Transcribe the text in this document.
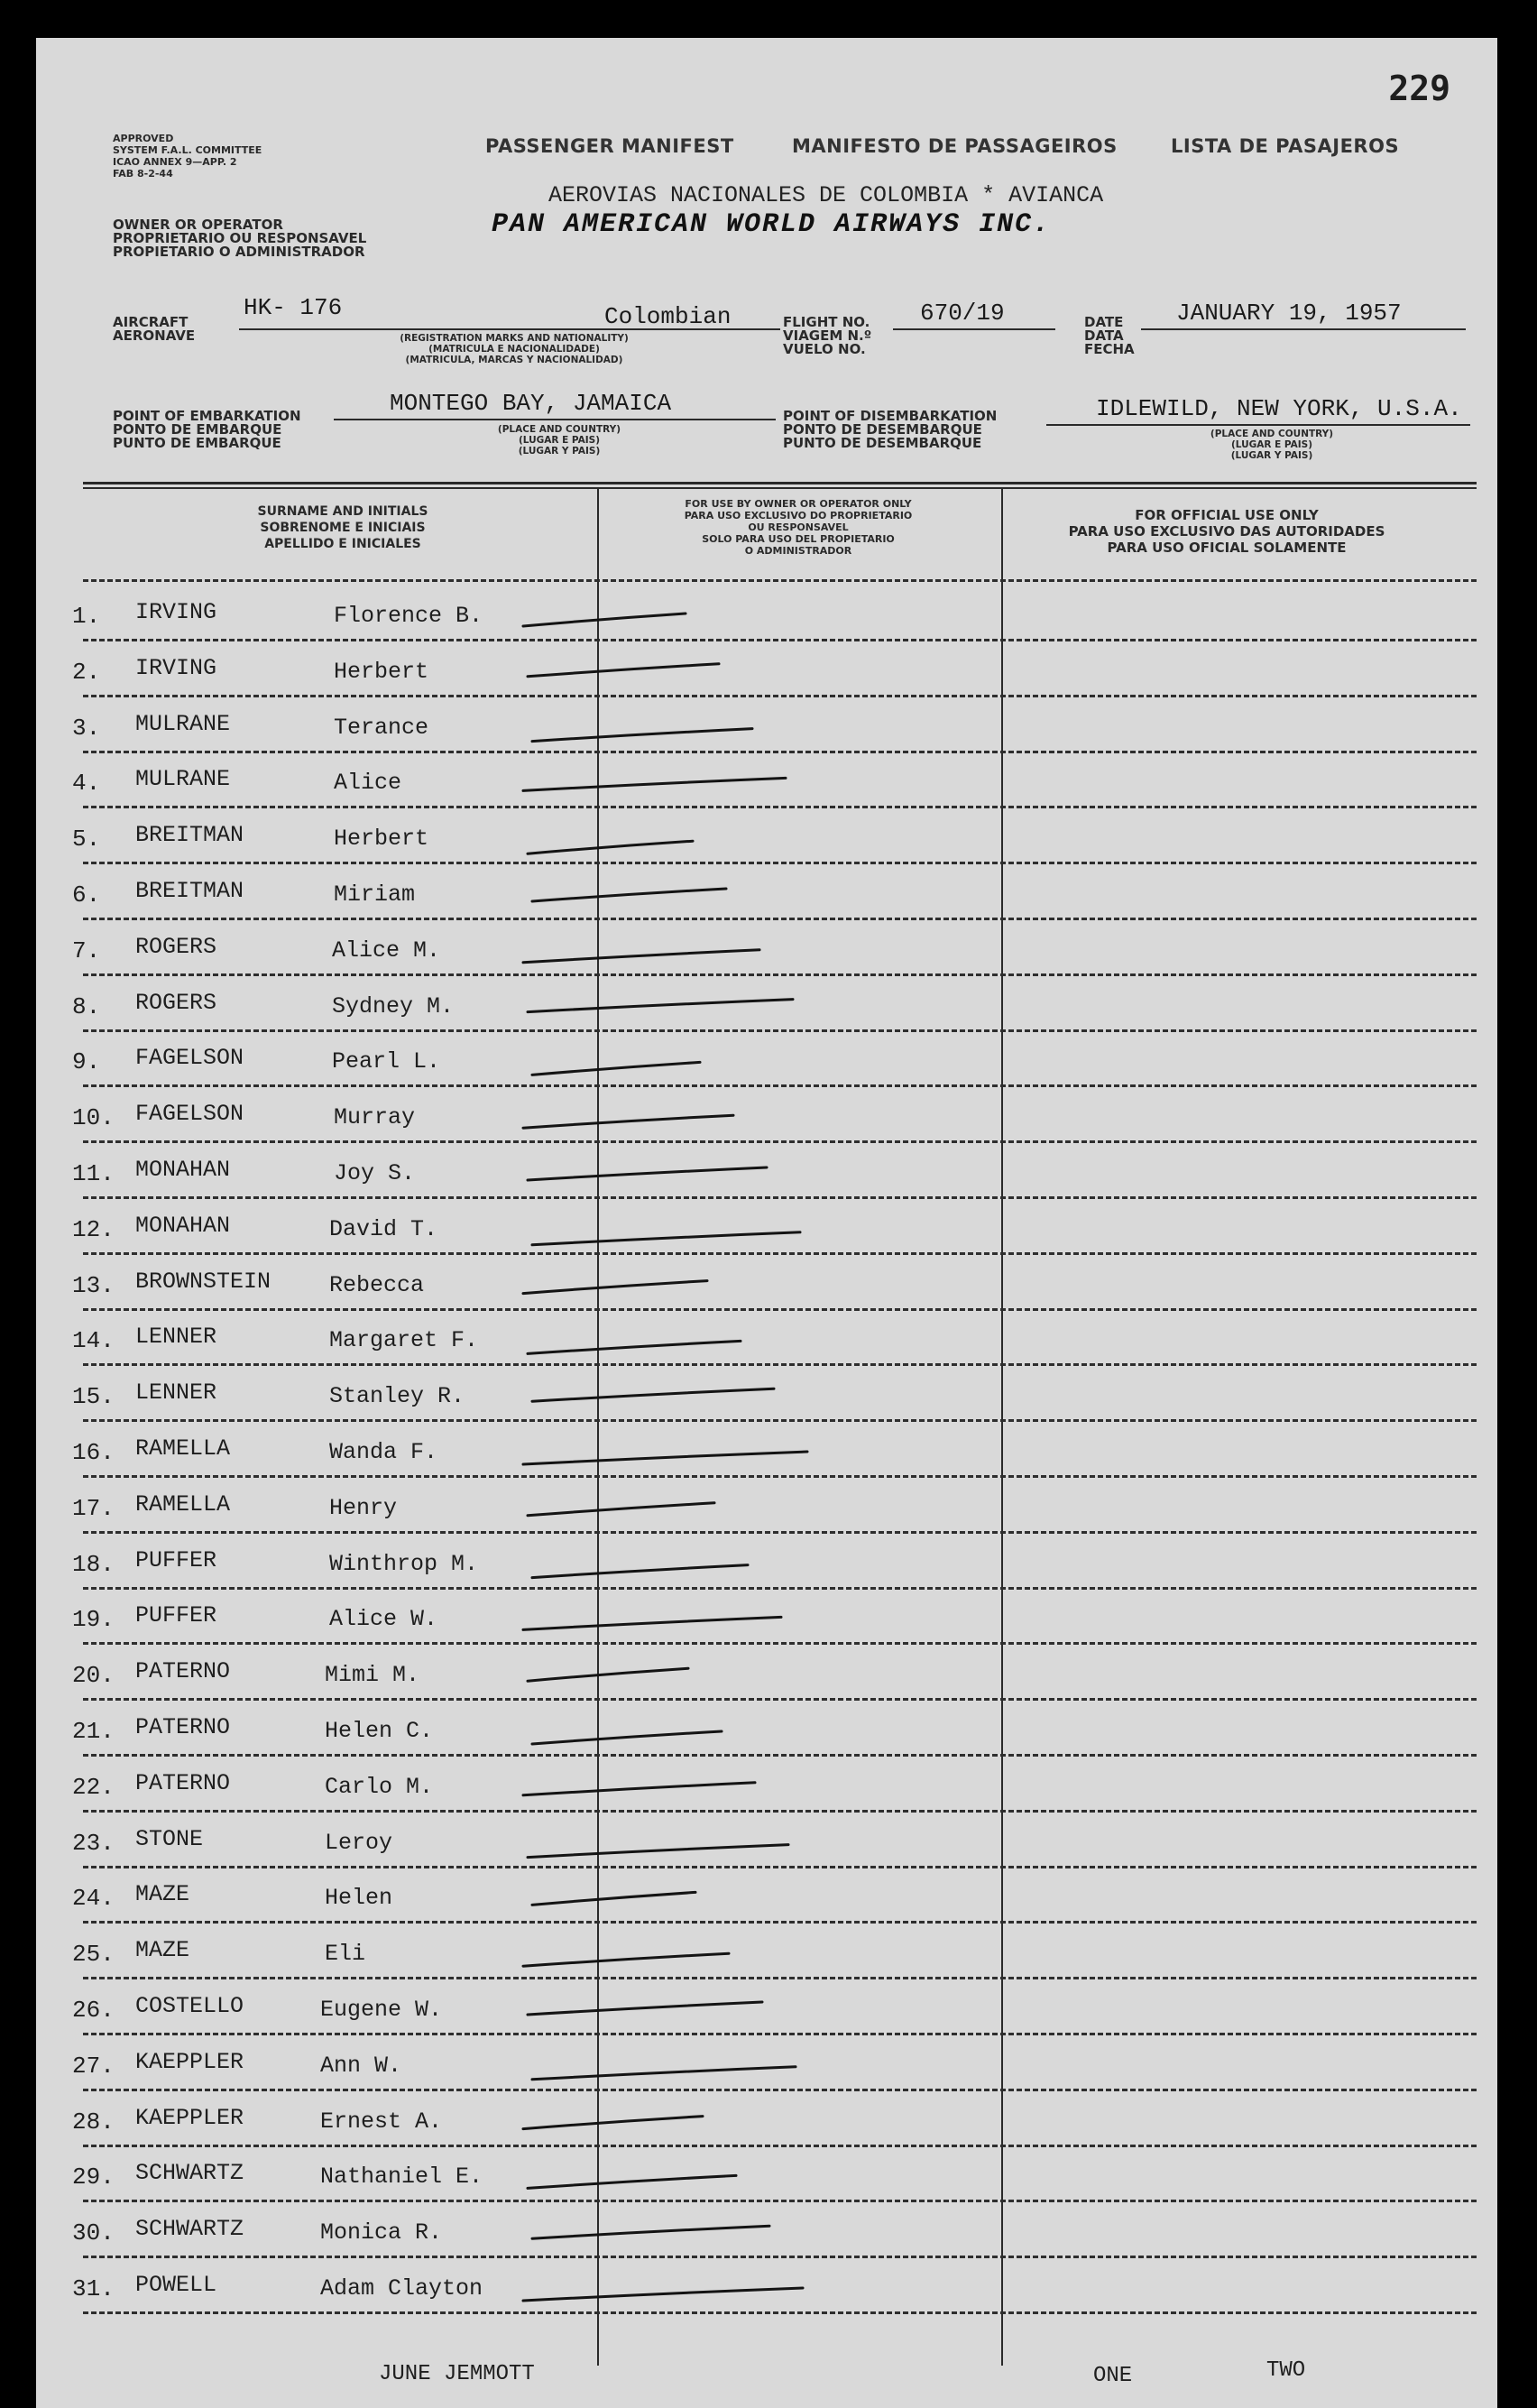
229
APPROVED
SYSTEM F.A.L. COMMITTEE
ICAO ANNEX 9—APP. 2
FAB 8-2-44
OWNER OR OPERATOR
PROPRIETARIO OU RESPONSAVEL
PROPIETARIO O ADMINISTRADOR
PASSENGER MANIFEST	MANIFESTO DE PASSAGEIROS	LISTA DE PASAJEROS
AEROVIAS NACIONALES DE COLOMBIA * AVIANCA
PAN AMERICAN WORLD AIRWAYS INC.
AIRCRAFT
AERONAVE
HK- 176	Colombian
(REGISTRATION MARKS AND NATIONALITY)
(MATRICULA E NACIONALIDADE)
(MATRICULA, MARCAS Y NACIONALIDAD)
FLIGHT NO.
VIAGEM N.º
VUELO NO.
670/19	DATE
DATA
FECHA
JANUARY 19, 1957
POINT OF EMBARKATION
PONTO DE EMBARQUE
PUNTO DE EMBARQUE
MONTEGO BAY, JAMAICA
(PLACE AND COUNTRY)
(LUGAR E PAIS)
(LUGAR Y PAIS)
POINT OF DISEMBARKATION
PONTO DE DESEMBARQUE
PUNTO DE DESEMBARQUE
IDLEWILD, NEW YORK, U.S.A.
(PLACE AND COUNTRY)
(LUGAR E PAIS)
(LUGAR Y PAIS)
SURNAME AND INITIALS
SOBRENOME E INICIAIS
APELLIDO E INICIALES
FOR USE BY OWNER OR OPERATOR ONLY
PARA USO EXCLUSIVO DO PROPRIETARIO
OU RESPONSAVEL
SOLO PARA USO DEL PROPIETARIO
O ADMINISTRADOR
FOR OFFICIAL USE ONLY
PARA USO EXCLUSIVO DAS AUTORIDADES
PARA USO OFICIAL SOLAMENTE
1.	IRVING	Florence B.
2.	IRVING	Herbert
3.	MULRANE	Terance
4.	MULRANE	Alice
5.	BREITMAN	Herbert
6.	BREITMAN	Miriam
7.	ROGERS	Alice M.
8.	ROGERS	Sydney M.
9.	FAGELSON	Pearl L.
10. FAGELSON	Murray
11. MONAHAN	Joy S.
12. MONAHAN	David T.
13. BROWNSTEIN	Rebecca
14. LENNER	Margaret F.
15. LENNER	Stanley R.
16. RAMELLA	Wanda F.
17. RAMELLA	Henry
18. PUFFER	Winthrop M.
19. PUFFER	Alice W.
20. PATERNO	Mimi M.
21. PATERNO	Helen C.
22. PATERNO	Carlo M.
23. STONE	Leroy
24. MAZE	Helen
25. MAZE	Eli
26. COSTELLO	Eugene W.
27. KAEPPLER	Ann W.
28. KAEPPLER	Ernest A.
29. SCHWARTZ	Nathaniel E.
30. SCHWARTZ	Monica R.
31. POWELL	Adam Clayton
JUNE JEMMOTT	ONE	TWO
